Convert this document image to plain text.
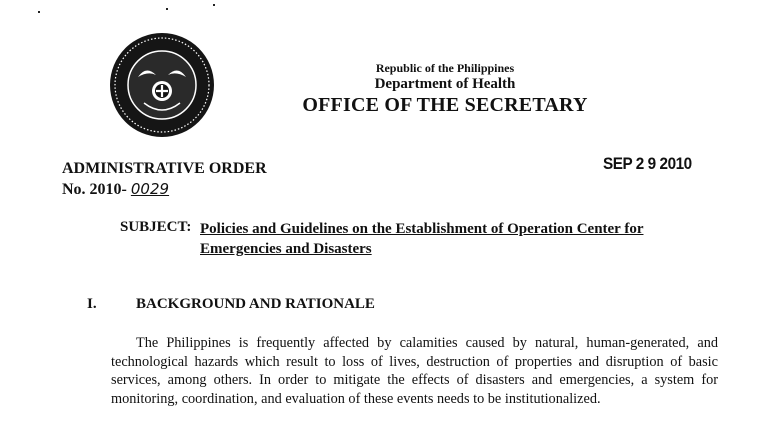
Republic of the Philippines
Department of Health
OFFICE OF THE SECRETARY
ADMINISTRATIVE ORDER
No. 2010- 0029
SEP 2 9 2010
SUBJECT: Policies and Guidelines on the Establishment of Operation Center for Emergencies and Disasters
I.	BACKGROUND AND RATIONALE
The Philippines is frequently affected by calamities caused by natural, human-generated, and technological hazards which result to loss of lives, destruction of properties and disruption of basic services, among others. In order to mitigate the effects of disasters and emergencies, a system for monitoring, coordination, and evaluation of these events needs to be institutionalized.
